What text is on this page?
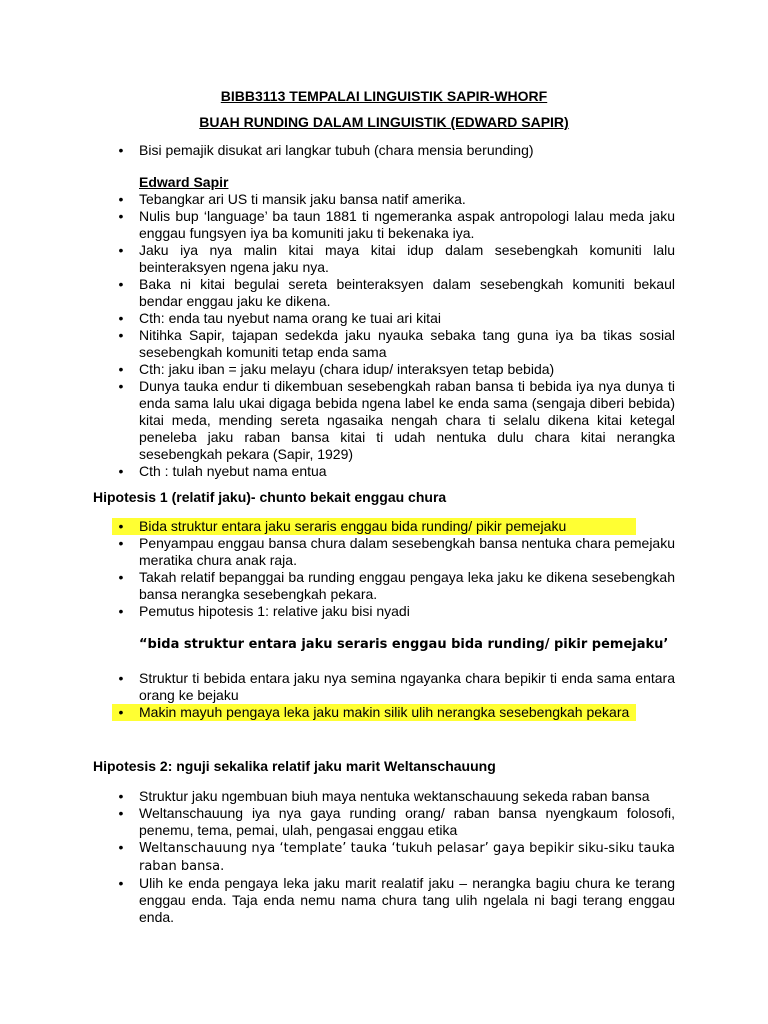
BIBB3113 TEMPALAI LINGUISTIK SAPIR-WHORF
BUAH RUNDING DALAM LINGUISTIK (EDWARD SAPIR)
• Bisi pemajik disukat ari langkar tubuh (chara mensia berunding)
Edward Sapir
• Tebangkar ari US ti mansik jaku bansa natif amerika.
• Nulis bup ‘language’ ba taun 1881 ti ngemeranka aspak antropologi lalau meda jaku enggau fungsyen iya ba komuniti jaku ti bekenaka iya.
• Jaku iya nya malin kitai maya kitai idup dalam sesebengkah komuniti lalu beinteraksyen ngena jaku nya.
• Baka ni kitai begulai sereta beinteraksyen dalam sesebengkah komuniti bekaul bendar enggau jaku ke dikena.
• Cth: enda tau nyebut nama orang ke tuai ari kitai
• Nitihka Sapir, tajapan sedekda jaku nyauka sebaka tang guna iya ba tikas sosial sesebengkah komuniti tetap enda sama
• Cth: jaku iban = jaku melayu (chara idup/ interaksyen tetap bebida)
• Dunya tauka endur ti dikembuan sesebengkah raban bansa ti bebida iya nya dunya ti enda sama lalu ukai digaga bebida ngena label ke enda sama (sengaja diberi bebida) kitai meda, mending sereta ngasaika nengah chara ti selalu dikena kitai ketegal peneleba jaku raban bansa kitai ti udah nentuka dulu chara kitai nerangka sesebengkah pekara (Sapir, 1929)
• Cth : tulah nyebut nama entua
Hipotesis 1 (relatif jaku)- chunto bekait enggau chura
• Bida struktur entara jaku seraris enggau bida runding/ pikir pemejaku
• Penyampau enggau bansa chura dalam sesebengkah bansa nentuka chara pemejaku meratika chura anak raja.
• Takah relatif bepanggai ba runding enggau pengaya leka jaku ke dikena sesebengkah bansa nerangka sesebengkah pekara.
• Pemutus hipotesis 1: relative jaku bisi nyadi
“bida struktur entara jaku seraris enggau bida runding/ pikir pemejaku’
• Struktur ti bebida entara jaku nya semina ngayanka chara bepikir ti enda sama entara orang ke bejaku
• Makin mayuh pengaya leka jaku makin silik ulih nerangka sesebengkah pekara
Hipotesis 2: nguji sekalika relatif jaku marit Weltanschauung
• Struktur jaku ngembuan biuh maya nentuka wektanschauung sekeda raban bansa
• Weltanschauung iya nya gaya runding orang/ raban bansa nyengkaum folosofi, penemu, tema, pemai, ulah, pengasai enggau etika
• Weltanschauung nya ‘template’ tauka ‘tukuh pelasar’ gaya bepikir siku-siku tauka raban bansa.
• Ulih ke enda pengaya leka jaku marit realatif jaku – nerangka bagiu chura ke terang enggau enda. Taja enda nemu nama chura tang ulih ngelala ni bagi terang enggau enda.
